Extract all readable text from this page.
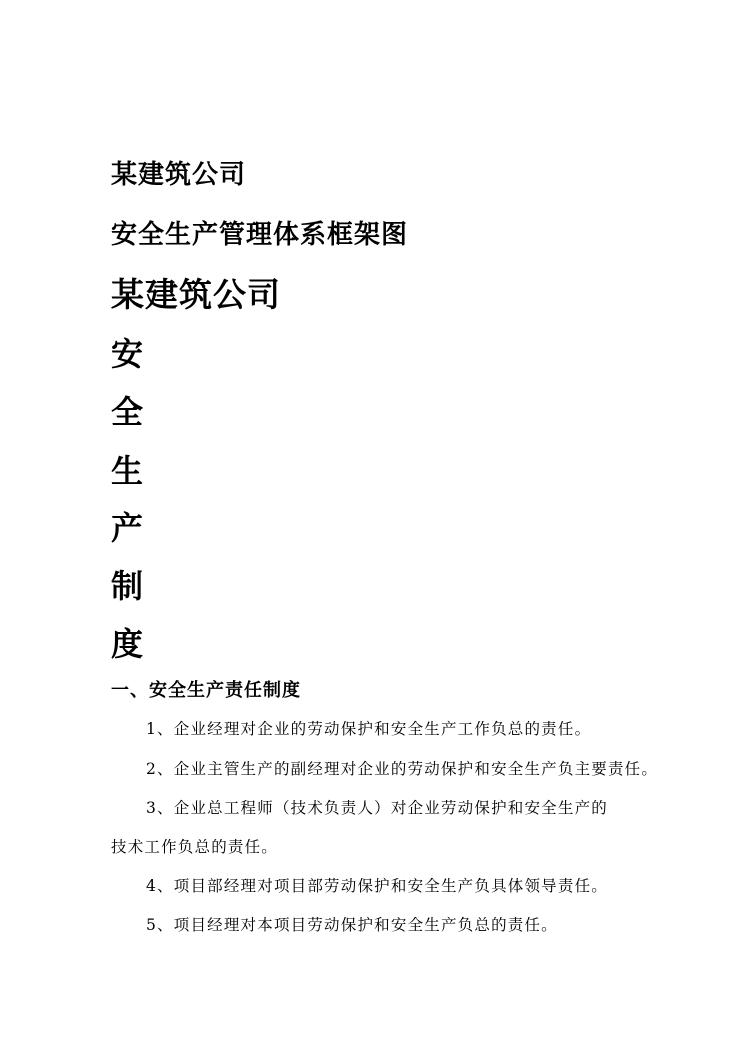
某建筑公司
安全生产管理体系框架图
某建筑公司
安
全
生
产
制
度
一、安全生产责任制度
1、企业经理对企业的劳动保护和安全生产工作负总的责任。
2、企业主管生产的副经理对企业的劳动保护和安全生产负主要责任。
3、企业总工程师（技术负责人）对企业劳动保护和安全生产的
技术工作负总的责任。
4、项目部经理对项目部劳动保护和安全生产负具体领导责任。
5、项目经理对本项目劳动保护和安全生产负总的责任。
